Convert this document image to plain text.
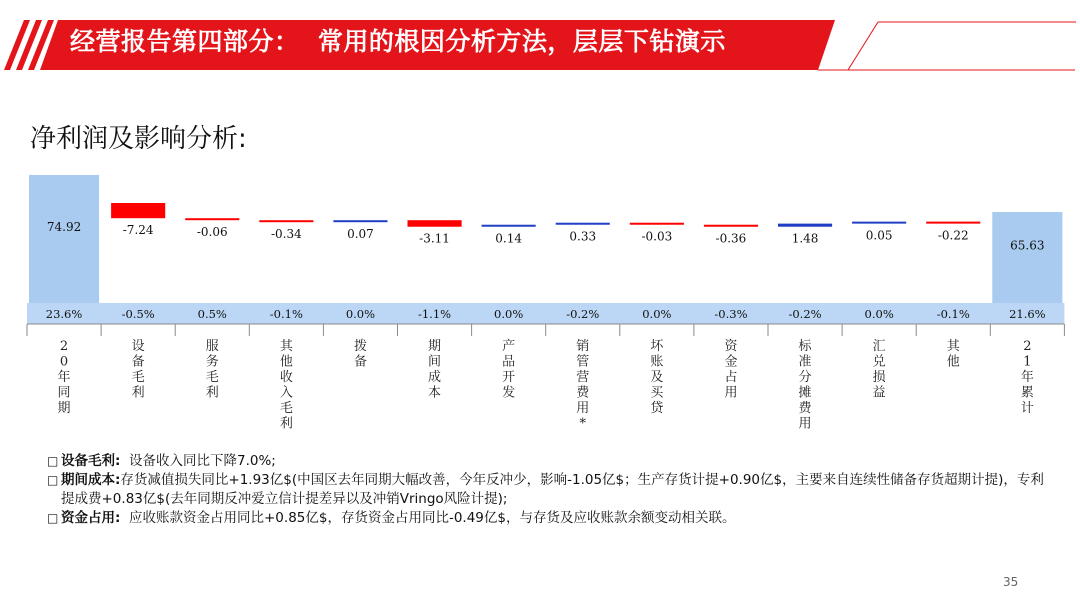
经营报告第四部分：  常用的根因分析方法，层层下钻演示
净利润及影响分析:
74.92
23.6%
2 0 年同期
-7.24
-0.5%
设备毛利
-0.06
0.5%
服务毛利
-0.34
-0.1%
其他收入毛利
0.07
0.0%
拨备
-3.11
-1.1%
期间成本
0.14
0.0%
产品开发
0.33
-0.2%
销管营费用*
-0.03
0.0%
坏账及买贷
-0.36
-0.3%
资金占用
1.48
-0.2%
标准分摊费用
0.05
0.0%
汇兑损益
-0.22
-0.1%
其他
65.63
21.6%
2 1 年累计

□ 设备毛利: 设备收入同比下降7.0%;

□ 期间成本:存货减值损失同比+1.93亿$(中国区去年同期大幅改善，今年反冲少，影响-1.05亿$；生产存货计提+0.90亿$，主要来自连续性储备存货超期计提)，专利提成费+0.83亿$(去年同期反冲爱立信计提差异以及冲销Vringo风险计提);

□ 资金占用: 应收账款资金占用同比+0.85亿$，存货资金占用同比-0.49亿$，与存货及应收账款余额变动相关联。

35
